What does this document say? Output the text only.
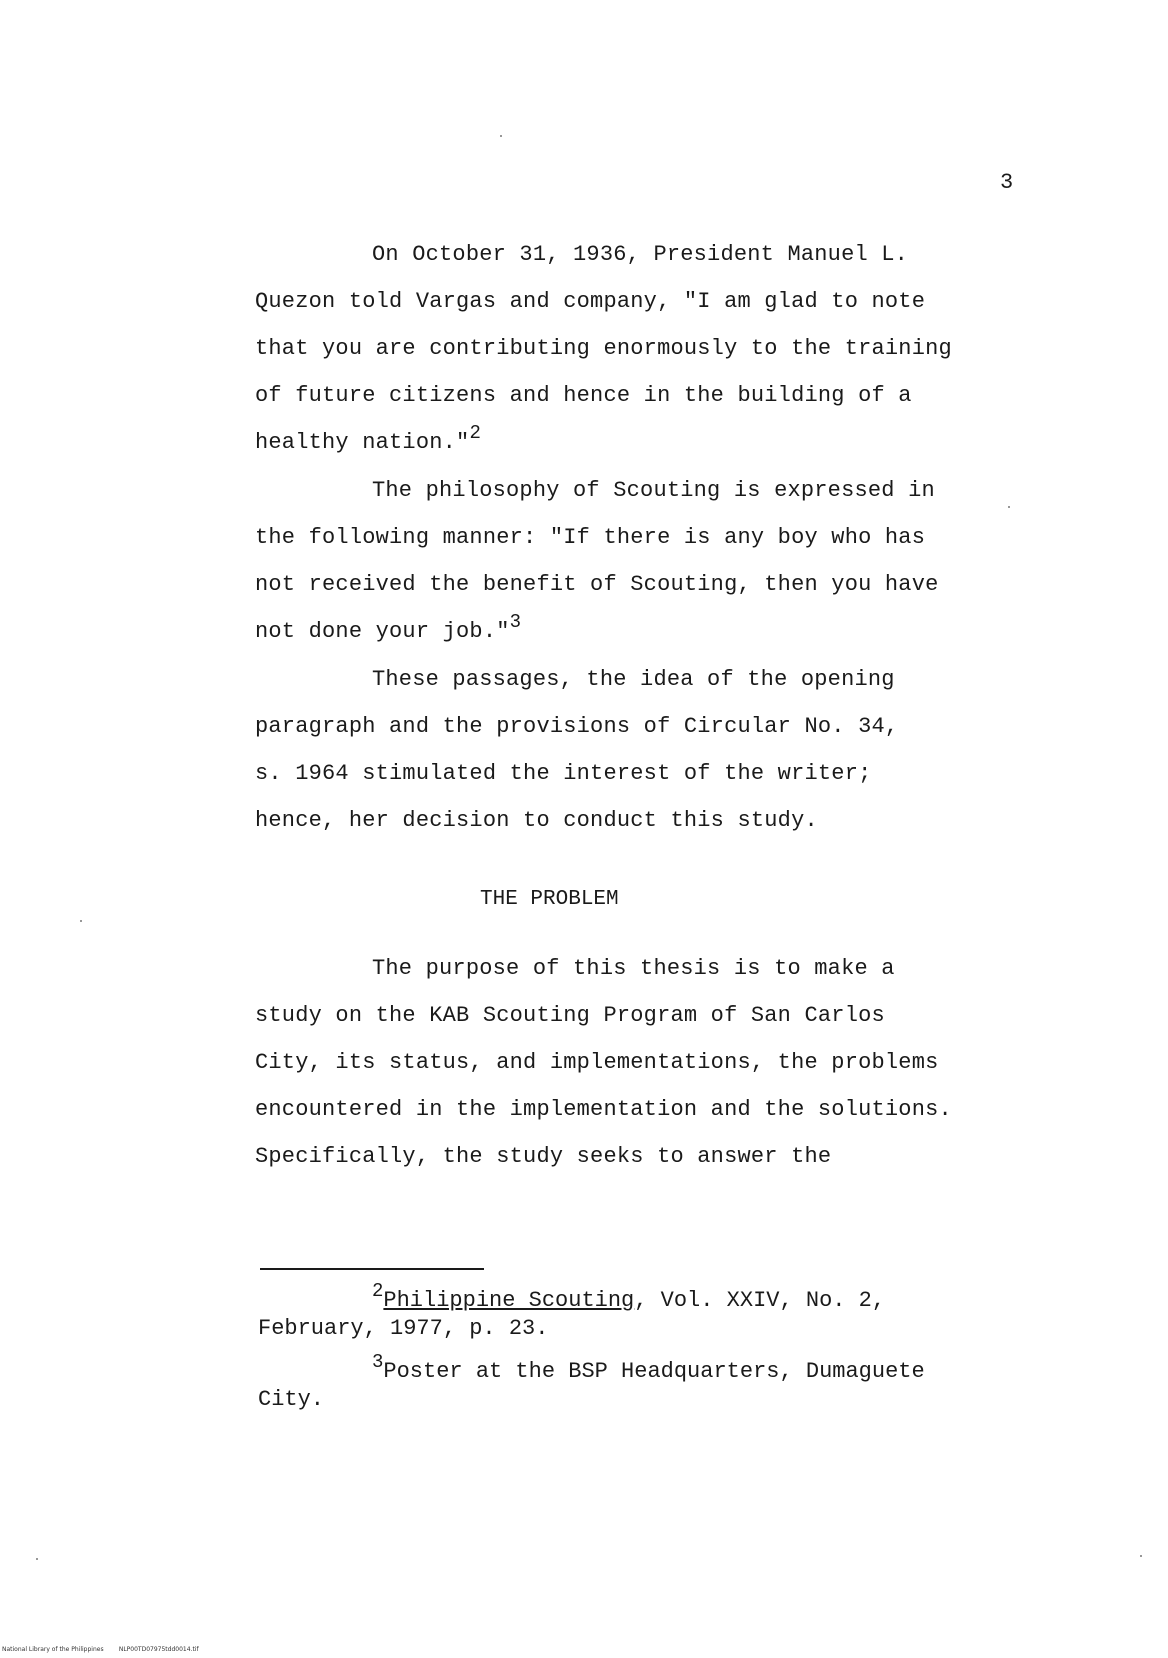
3
On October 31, 1936, President Manuel L.
Quezon told Vargas and company, "I am glad to note
that you are contributing enormously to the training
of future citizens and hence in the building of a
healthy nation."2
The philosophy of Scouting is expressed in
the following manner: "If there is any boy who has
not received the benefit of Scouting, then you have
not done your job."3
These passages, the idea of the opening
paragraph and the provisions of Circular No. 34,
s. 1964 stimulated the interest of the writer;
hence, her decision to conduct this study.
THE PROBLEM
The purpose of this thesis is to make a
study on the KAB Scouting Program of San Carlos
City, its status, and implementations, the problems
encountered in the implementation and the solutions.
Specifically, the study seeks to answer the
2Philippine Scouting, Vol. XXIV, No. 2,
February, 1977, p. 23.
3Poster at the BSP Headquarters, Dumaguete
City.
National Library of the Philippines	NLP00TD07975tdd0014.tif
